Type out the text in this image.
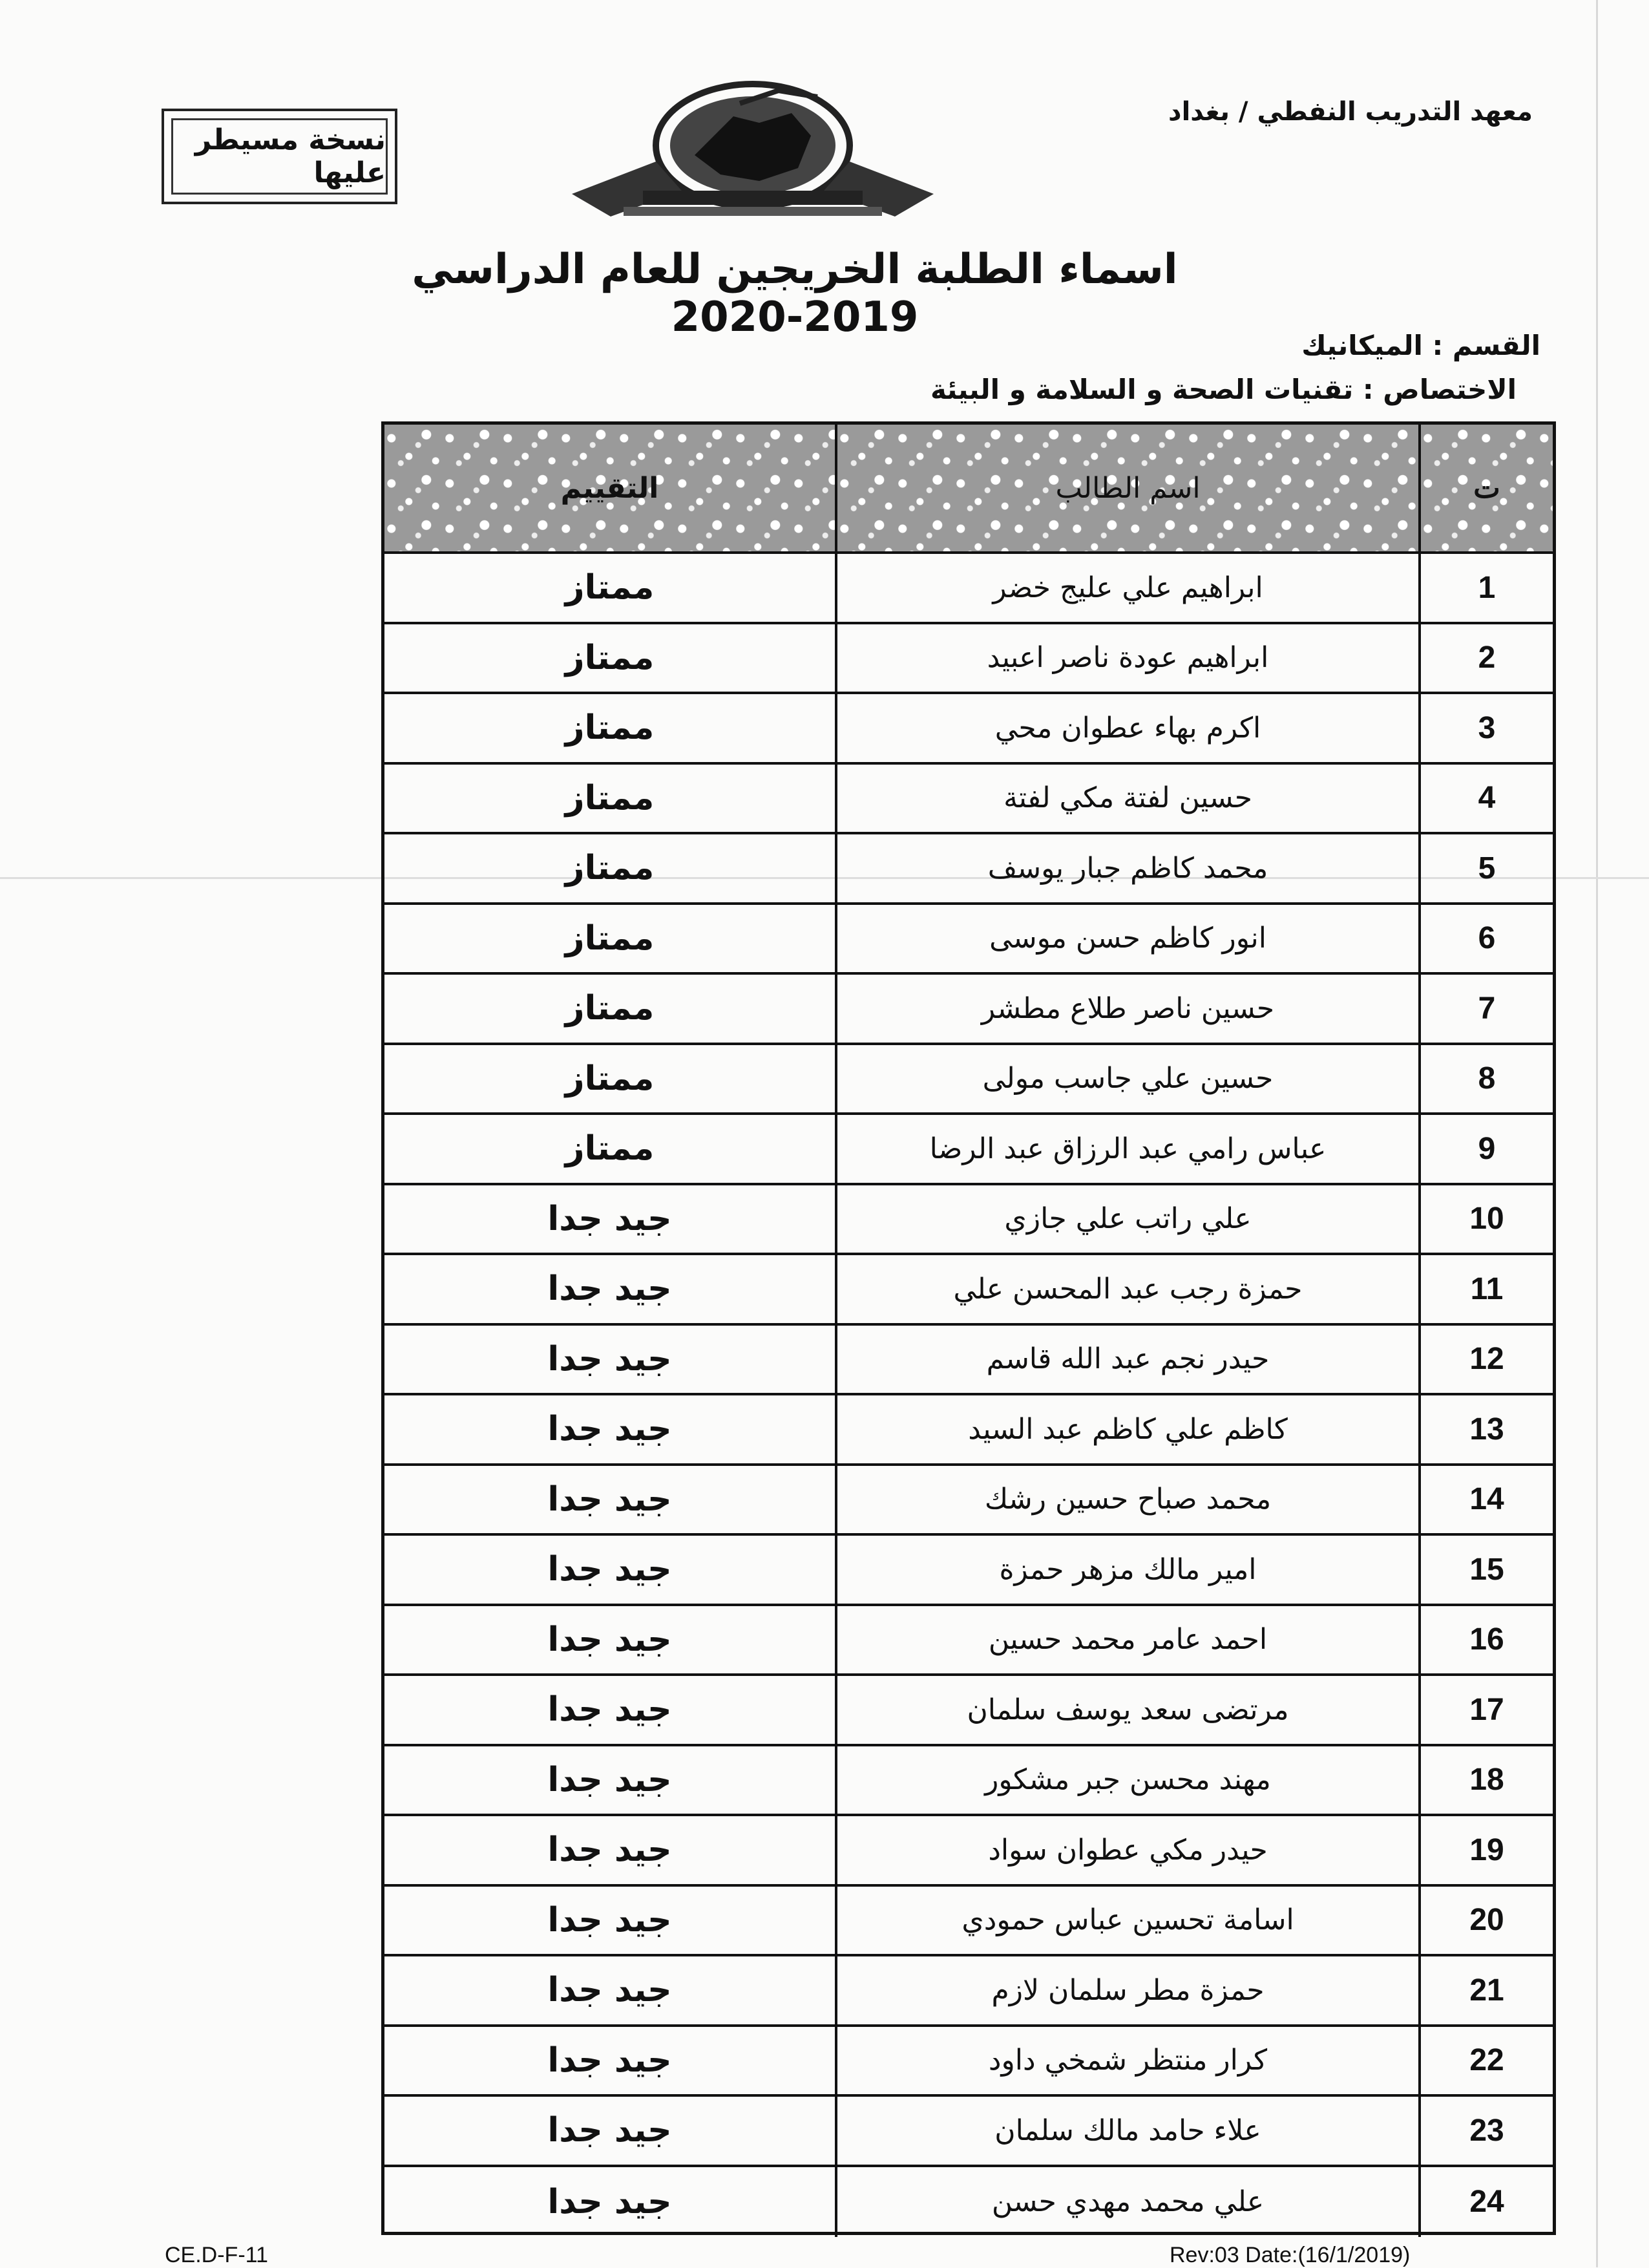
نسخة مسيطر عليها
معهد التدريب النفطي / بغداد
اسماء الطلبة الخريجين للعام الدراسي 2019-2020
القسم : الميكانيك
الاختصاص : تقنيات الصحة و السلامة و البيئة
ت
اسم الطالب
التقييم
1
ابراهيم علي عليج خضر
ممتاز
2
ابراهيم عودة ناصر اعبيد
ممتاز
3
اكرم بهاء عطوان محي
ممتاز
4
حسين لفتة مكي لفتة
ممتاز
5
محمد كاظم جبار يوسف
ممتاز
6
انور كاظم حسن موسى
ممتاز
7
حسين ناصر طلاع مطشر
ممتاز
8
حسين علي جاسب مولى
ممتاز
9
عباس رامي عبد الرزاق عبد الرضا
ممتاز
10
علي راتب علي جازي
جيد جدا
11
حمزة رجب عبد المحسن علي
جيد جدا
12
حيدر نجم عبد الله قاسم
جيد جدا
13
كاظم علي كاظم عبد السيد
جيد جدا
14
محمد صباح حسين رشك
جيد جدا
15
امير مالك مزهر حمزة
جيد جدا
16
احمد عامر محمد حسين
جيد جدا
17
مرتضى سعد يوسف سلمان
جيد جدا
18
مهند محسن جبر مشكور
جيد جدا
19
حيدر مكي عطوان سواد
جيد جدا
20
اسامة تحسين عباس حمودي
جيد جدا
21
حمزة مطر سلمان لازم
جيد جدا
22
كرار منتظر شمخي داود
جيد جدا
23
علاء حامد مالك سلمان
جيد جدا
24
علي محمد مهدي حسن
جيد جدا
CE.D-F-11	Rev:03 Date:(16/1/2019)
